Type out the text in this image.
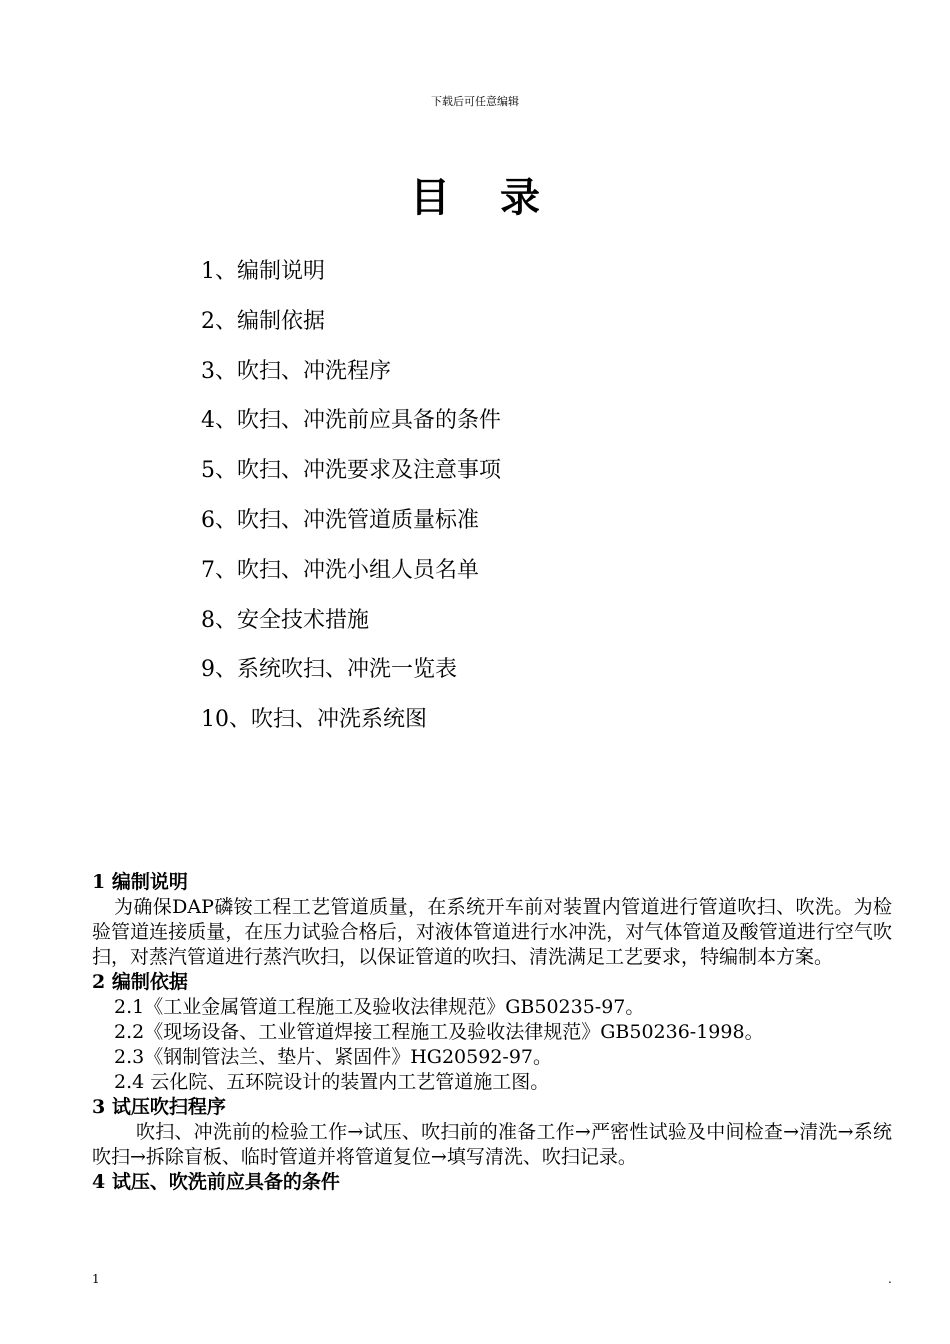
下载后可任意编辑
目 录
1、编制说明
2、编制依据
3、吹扫、冲洗程序
4、吹扫、冲洗前应具备的条件
5、吹扫、冲洗要求及注意事项
6、吹扫、冲洗管道质量标准
7、吹扫、冲洗小组人员名单
8、安全技术措施
9、系统吹扫、冲洗一览表
10、吹扫、冲洗系统图

1 编制说明

为确保DAP磷铵工程工艺管道质量，在系统开车前对装置内管道进行管道吹扫、吹洗。为检验管道连接质量，在压力试验合格后，对液体管道进行水冲洗，对气体管道及酸管道进行空气吹扫，对蒸汽管道进行蒸汽吹扫，以保证管道的吹扫、清洗满足工艺要求，特编制本方案。

2 编制依据

2.1《工业金属管道工程施工及验收法律规范》GB50235-97。

2.2《现场设备、工业管道焊接工程施工及验收法律规范》GB50236-1998。

2.3《钢制管法兰、垫片、紧固件》HG20592-97。

2.4 云化院、五环院设计的装置内工艺管道施工图。

3 试压吹扫程序

吹扫、冲洗前的检验工作→试压、吹扫前的准备工作→严密性试验及中间检查→清洗→系统吹扫→拆除盲板、临时管道并将管道复位→填写清洗、吹扫记录。

4 试压、吹洗前应具备的条件

1	.
